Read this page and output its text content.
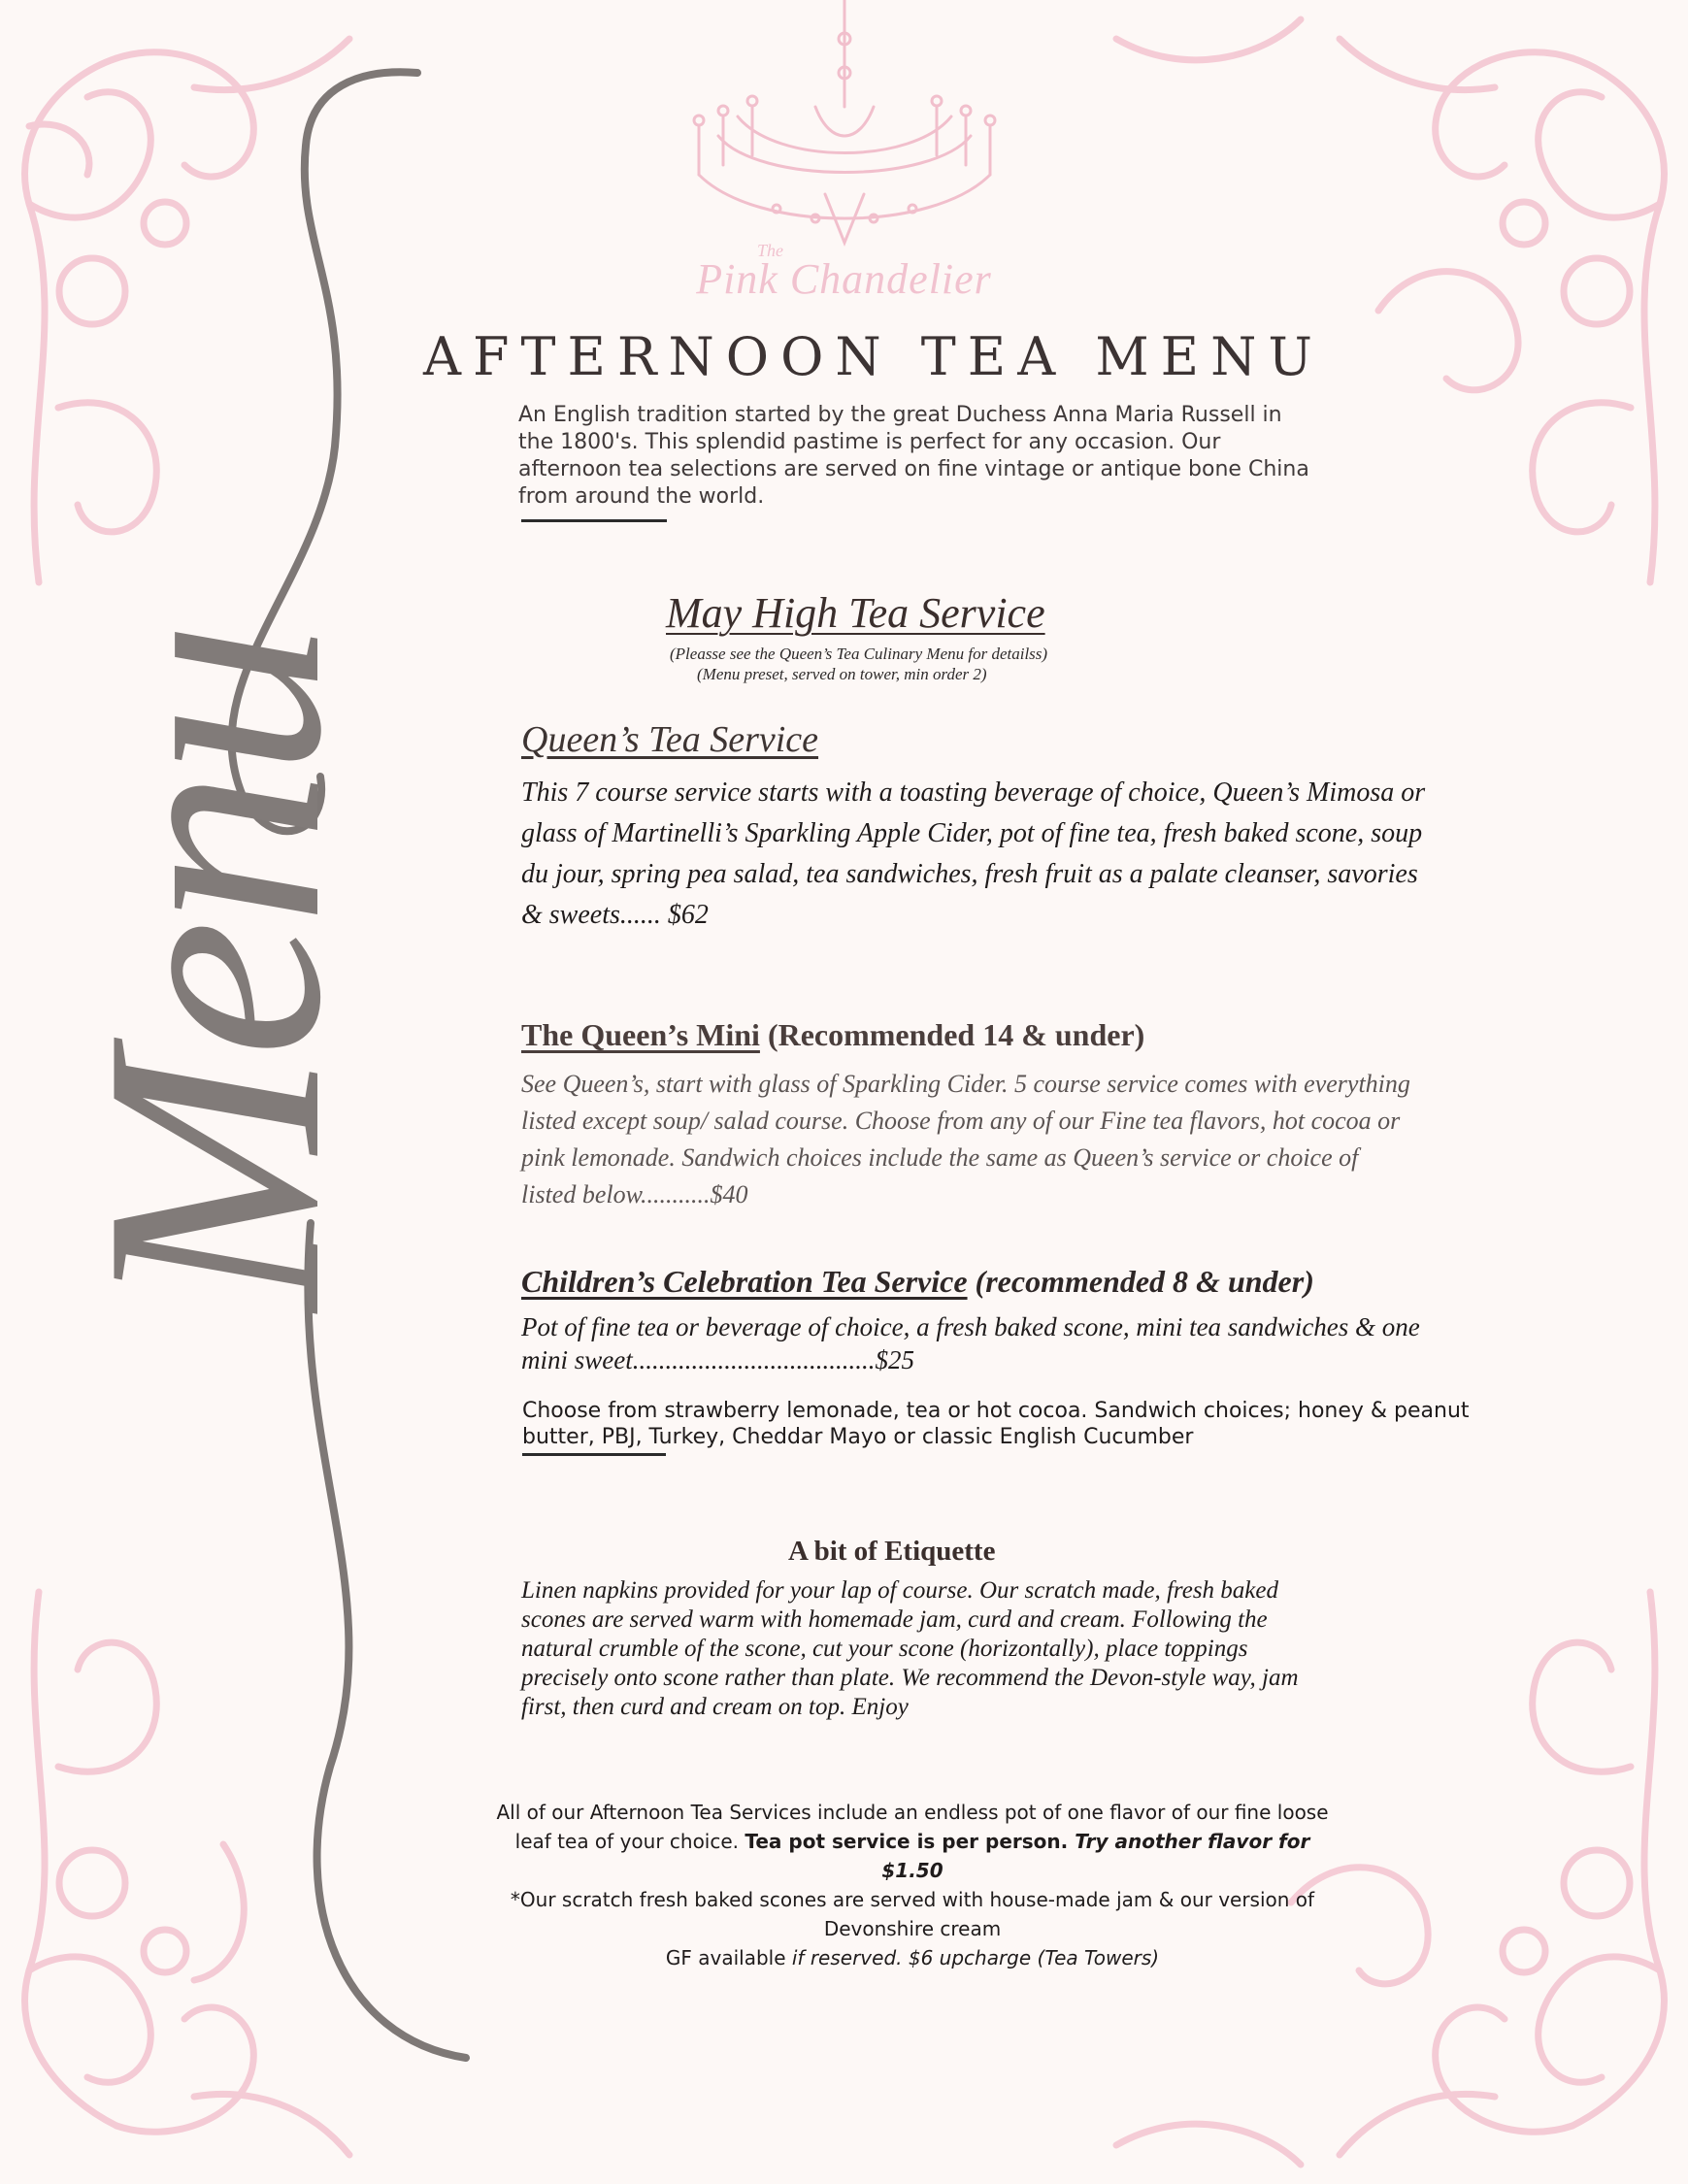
Menu
The
Pink Chandelier
AFTERNOON TEA MENU
An English tradition started by the great Duchess Anna Maria Russell in the 1800's. This splendid pastime is perfect for any occasion. Our afternoon tea selections are served on fine vintage or antique bone China from around the world.
May High Tea Service
(Pleasse see the Queen’s Tea Culinary Menu for detailss)
(Menu preset, served on tower, min order 2)
Queen’s Tea Service
This 7 course service starts with a toasting beverage of choice, Queen’s Mimosa or glass of Martinelli’s Sparkling Apple Cider, pot of fine tea, fresh baked scone, soup du jour, spring pea salad, tea sandwiches, fresh fruit as a palate cleanser, savories & sweets...... $62
The Queen’s Mini (Recommended 14 & under)
See Queen’s, start with glass of Sparkling Cider. 5 course service comes with everything listed except soup/ salad course. Choose from any of our Fine tea flavors, hot cocoa or pink lemonade. Sandwich choices include the same as Queen’s service or choice of listed below...........$40
Children’s Celebration Tea Service (recommended 8 & under)
Pot of fine tea or beverage of choice, a fresh baked scone, mini tea sandwiches & one mini sweet.....................................$25
Choose from strawberry lemonade, tea or hot cocoa. Sandwich choices; honey & peanut butter, PBJ, Turkey, Cheddar Mayo or classic English Cucumber
A bit of Etiquette
Linen napkins provided for your lap of course. Our scratch made, fresh baked scones are served warm with homemade jam, curd and cream. Following the natural crumble of the scone, cut your scone (horizontally), place toppings precisely onto scone rather than plate. We recommend the Devon-style way, jam first, then curd and cream on top. Enjoy
All of our Afternoon Tea Services include an endless pot of one flavor of our fine loose leaf tea of your choice. Tea pot service is per person. Try another flavor for $1.50
*Our scratch fresh baked scones are served with house-made jam & our version of Devonshire cream
GF available if reserved. $6 upcharge (Tea Towers)
